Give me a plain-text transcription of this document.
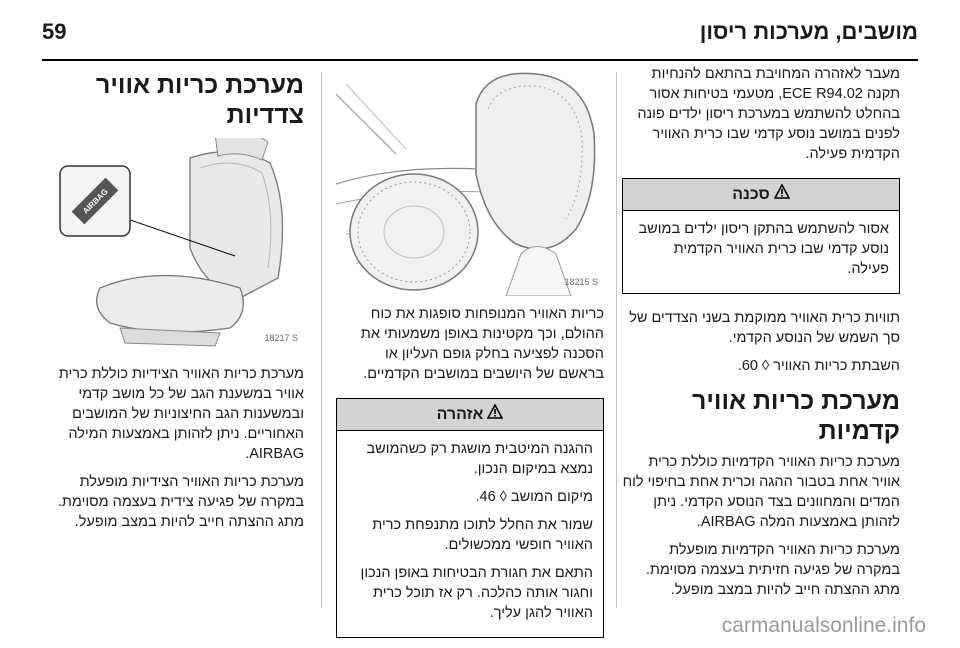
59	מושבים, מערכות ריסון

מעבר לאזהרה המחויבת בהתאם להנחיות תקנה ECE R94.02, מטעמי בטיחות אסור בהחלט להשתמש במערכת ריסון ילדים פונה לפנים במושב נוסע קדמי שבו כרית האוויר הקדמית פעילה.

סכנה

אסור להשתמש בהתקן ריסון ילדים במושב נוסע קדמי שבו כרית האוויר הקדמית פעילה.

תוויות כרית האוויר ממוקמת בשני הצדדים של סך השמש של הנוסע הקדמי.

השבתת כריות האוויר ◊ 60.

מערכת כריות אוויר קדמיות

מערכת כריות האוויר הקדמיות כוללת כרית אוויר אחת בטבור ההגה וכרית אחת בחיפוי לוח המדים והמחוונים בצד הנוסע הקדמי. ניתן לזהותן באמצעות המלה AIRBAG.

מערכת כריות האוויר הקדמיות מופעלת במקרה של פגיעה חזיתית בעצמה מסוימת. מתג ההצתה חייב להיות במצב מופעל.

18215 S

כריות האוויר המנופחות סופגות את כוח ההולם, וכך מקטינות באופן משמעותי את הסכנה לפציעה בחלק גופם העליון או בראשם של היושבים במושבים הקדמיים.

אזהרה

ההגנה המיטבית מושגת רק כשהמושב נמצא במיקום הנכון.

מיקום המושב ◊ 46.

שמור את החלל לתוכו מתנפחת כרית האוויר חופשי ממכשולים.

התאם את חגורת הבטיחות באופן הנכון וחגור אותה כהלכה. רק אז תוכל כרית האוויר להגן עליך.

מערכת כריות אוויר צדדיות
AIRBAG
18217 S

מערכת כריות האוויר הצידיות כוללת כרית אוויר במשענת הגב של כל מושב קדמי ובמשענות הגב החיצוניות של המושבים האחוריים. ניתן לזהותן באמצעות המילה AIRBAG.

מערכת כריות האוויר הצידיות מופעלת במקרה של פגיעה צידית בעצמה מסוימת. מתג ההצתה חייב להיות במצב מופעל.

carmanualsonline.info
